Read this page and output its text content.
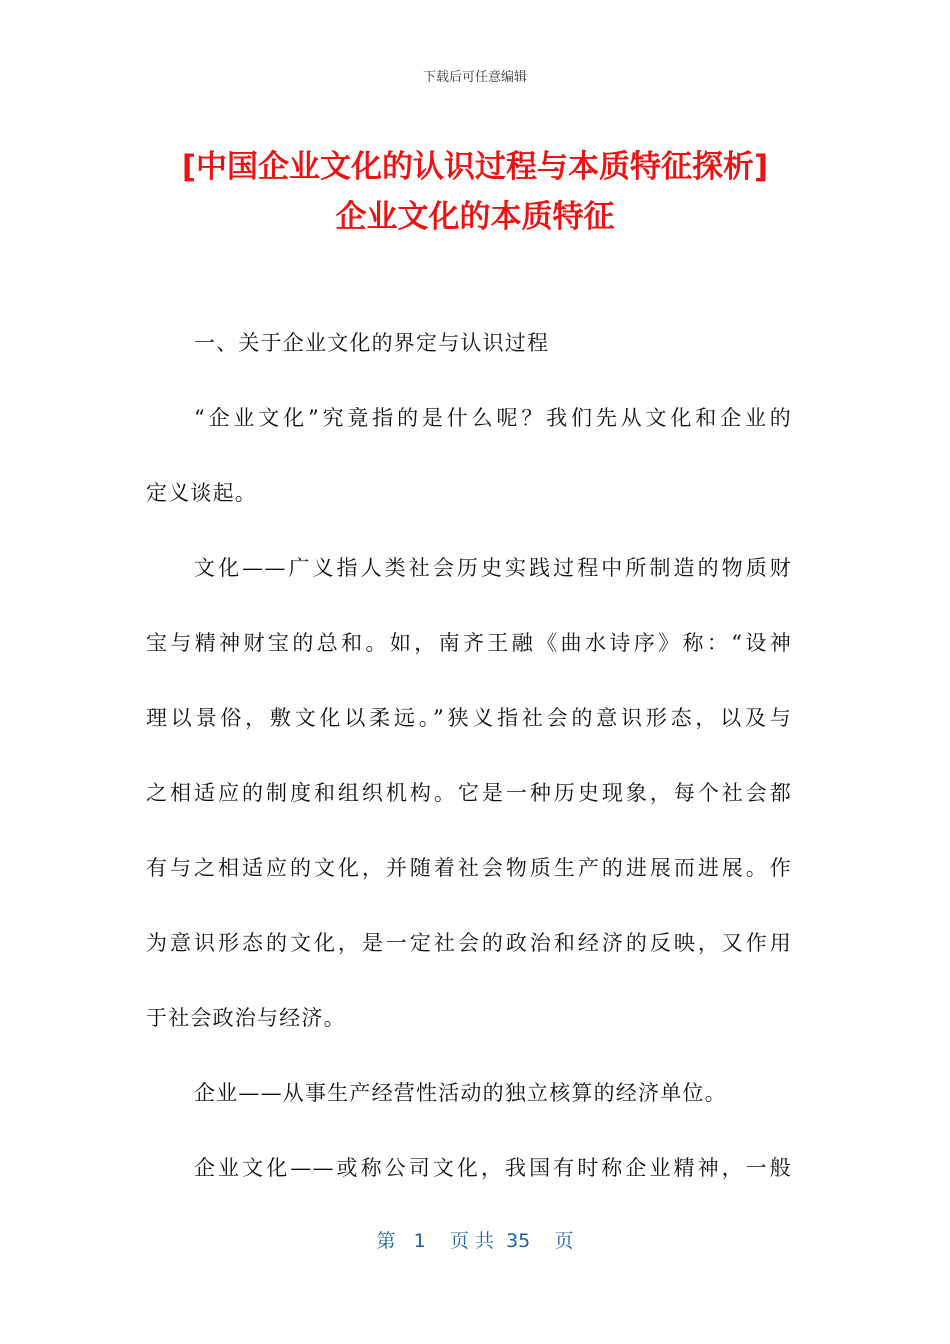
下载后可任意编辑
[中国企业文化的认识过程与本质特征探析]
企业文化的本质特征
一、关于企业文化的界定与认识过程
“企业文化”究竟指的是什么呢？我们先从文化和企业的
定义谈起。
文化——广义指人类社会历史实践过程中所制造的物质财
宝与精神财宝的总和。如，南齐王融《曲水诗序》称：“设神
理以景俗，敷文化以柔远。”狭义指社会的意识形态，以及与
之相适应的制度和组织机构。它是一种历史现象，每个社会都
有与之相适应的文化，并随着社会物质生产的进展而进展。作
为意识形态的文化，是一定社会的政治和经济的反映，又作用
于社会政治与经济。
企业——从事生产经营性活动的独立核算的经济单位。
企业文化——或称公司文化，我国有时称企业精神，一般
第 1 页 共 35 页
